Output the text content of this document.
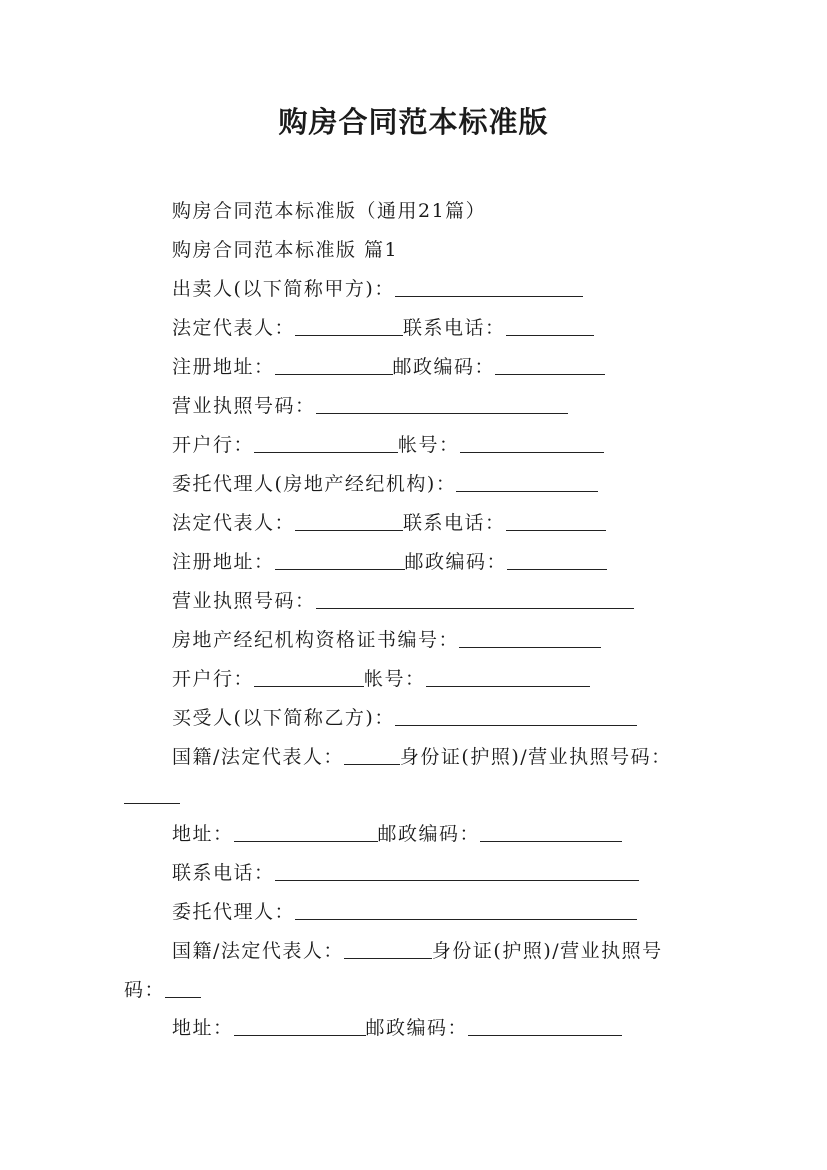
购房合同范本标准版
购房合同范本标准版（通用21篇）
购房合同范本标准版 篇1
出卖人(以下简称甲方)：
法定代表人：	联系电话：
注册地址：	邮政编码：
营业执照号码：
开户行：	帐号：
委托代理人(房地产经纪机构)：
法定代表人：	联系电话：
注册地址：	邮政编码：
营业执照号码：
房地产经纪机构资格证书编号：
开户行：	帐号：
买受人(以下简称乙方)：
国籍/法定代表人：	身份证(护照)/营业执照号码：
地址：	邮政编码：
联系电话：
委托代理人：
国籍/法定代表人：	身份证(护照)/营业执照号
码：
地址：	邮政编码：
